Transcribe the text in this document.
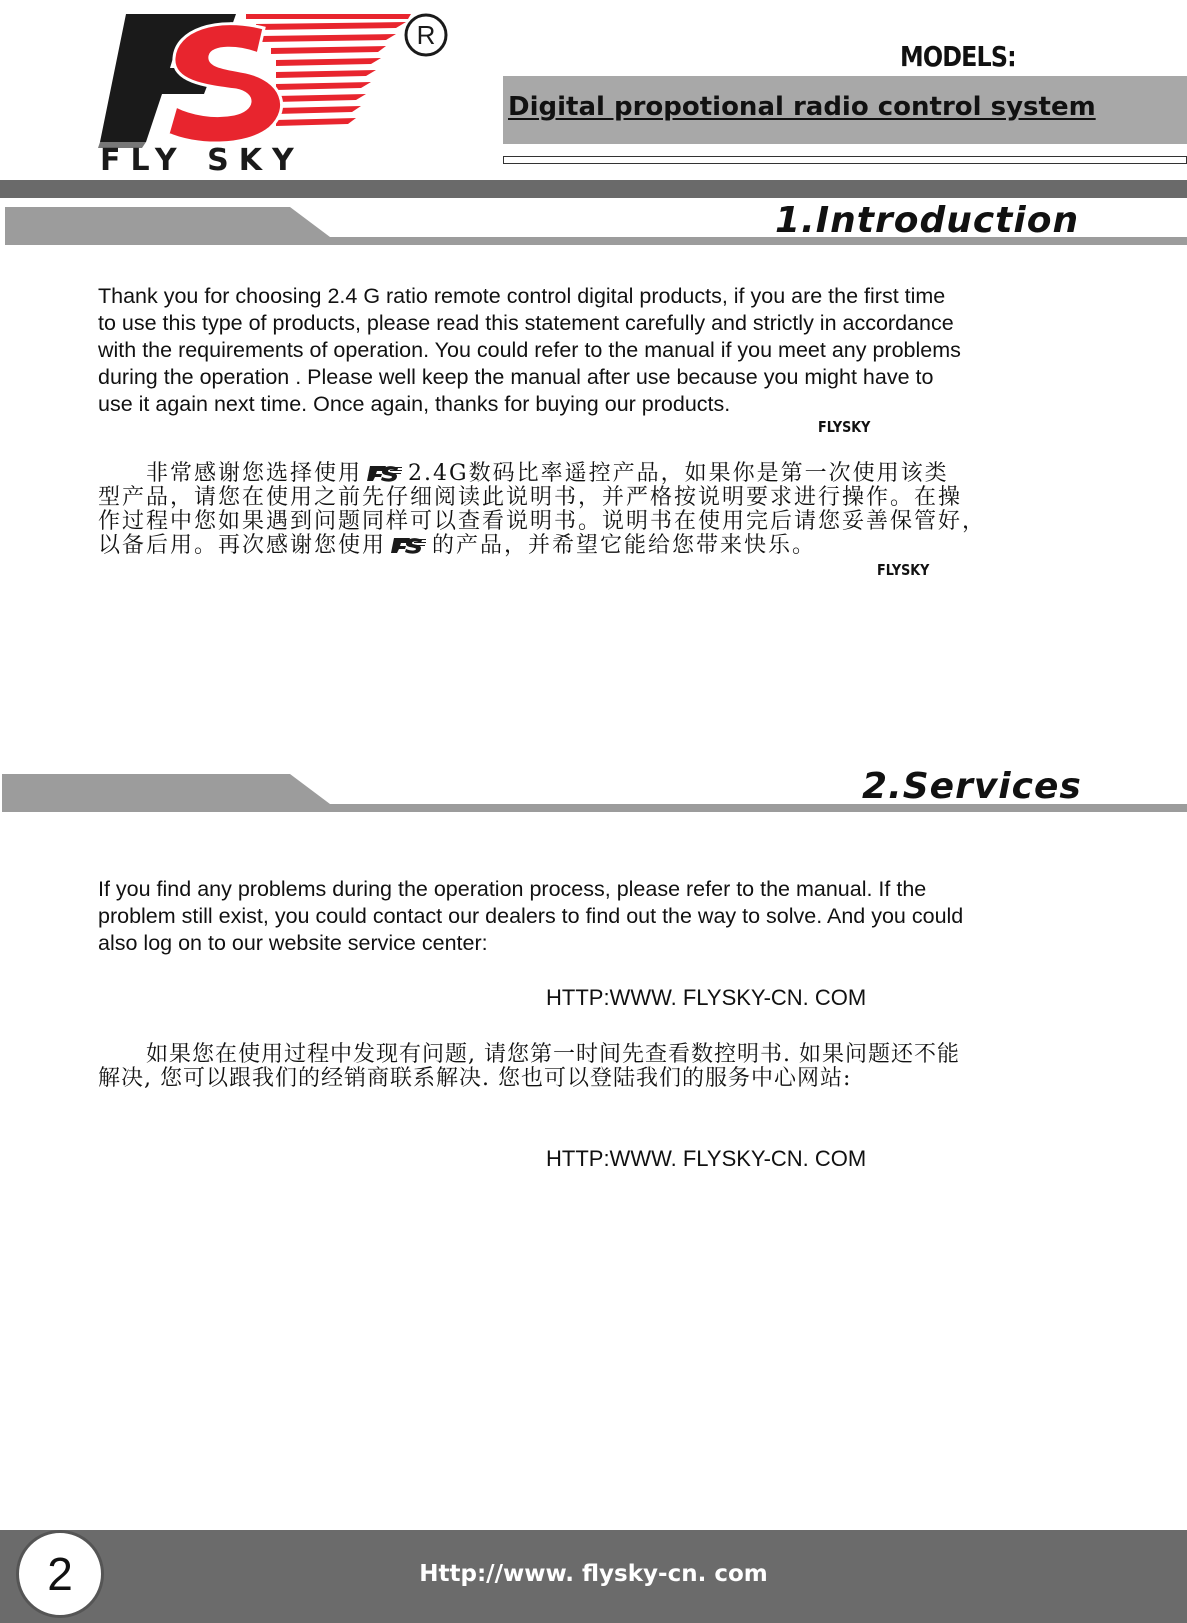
R
FLY SKY
MODELS:
Digital propotional radio control system
1.Introduction

Thank you for choosing 2.4 G ratio remote control digital products, if you are the first time

to use this type of products, please read this statement carefully and strictly in accordance

with the requirements of operation. You could refer to the manual if you meet any problems

during the operation . Please well keep the manual after use because you might have to

use it again next time. Once again, thanks for buying our products.

FLYSKY

非常感谢您选择使用 2.4G数码比率遥控产品，如果你是第一次使用该类

型产品，请您在使用之前先仔细阅读此说明书，并严格按说明要求进行操作。在操

作过程中您如果遇到问题同样可以查看说明书。说明书在使用完后请您妥善保管好，

以备后用。再次感谢您使用 的产品，并希望它能给您带来快乐。

FLYSKY
2.Services

If you find any problems during the operation process, please refer to the manual. If the

problem still exist, you could contact our dealers to find out the way to solve. And you could

also log on to our website service center:

HTTP:WWW. FLYSKY-CN. COM

如果您在使用过程中发现有问题, 请您第一时间先查看数控明书. 如果问题还不能

解决, 您可以跟我们的经销商联系解决. 您也可以登陆我们的服务中心网站:

HTTP:WWW. FLYSKY-CN. COM
2	Http://www. flysky-cn. com
